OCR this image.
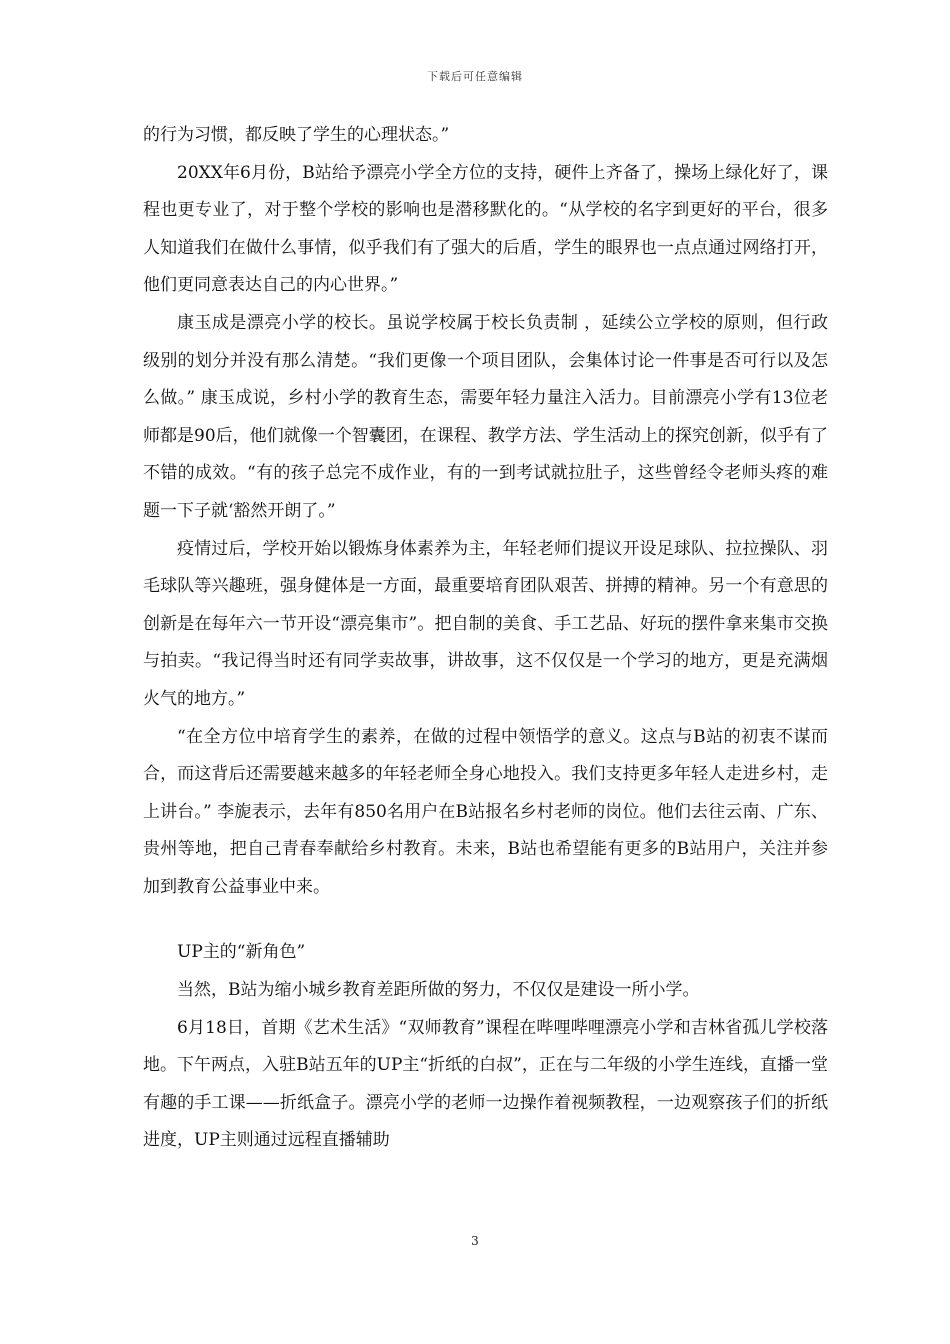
下载后可任意编辑

的行为习惯，都反映了学生的心理状态。”

20XX年6月份，B站给予漂亮小学全方位的支持，硬件上齐备了，操场上绿化好了，课程也更专业了，对于整个学校的影响也是潜移默化的。“从学校的名字到更好的平台，很多人知道我们在做什么事情，似乎我们有了强大的后盾，学生的眼界也一点点通过网络打开，他们更同意表达自己的内心世界。”

康玉成是漂亮小学的校长。虽说学校属于校长负责制 ，延续公立学校的原则，但行政级别的划分并没有那么清楚。“我们更像一个项目团队，会集体讨论一件事是否可行以及怎么做。” 康玉成说，乡村小学的教育生态，需要年轻力量注入活力。目前漂亮小学有13位老师都是90后，他们就像一个智囊团，在课程、教学方法、学生活动上的探究创新，似乎有了不错的成效。“有的孩子总完不成作业，有的一到考试就拉肚子，这些曾经令老师头疼的难题一下子就‘豁然开朗了。”

疫情过后，学校开始以锻炼身体素养为主，年轻老师们提议开设足球队、拉拉操队、羽毛球队等兴趣班，强身健体是一方面，最重要培育团队艰苦、拼搏的精神。另一个有意思的创新是在每年六一节开设“漂亮集市”。把自制的美食、手工艺品、好玩的摆件拿来集市交换与拍卖。“我记得当时还有同学卖故事，讲故事，这不仅仅是一个学习的地方，更是充满烟火气的地方。”

“在全方位中培育学生的素养，在做的过程中领悟学的意义。这点与B站的初衷不谋而合，而这背后还需要越来越多的年轻老师全身心地投入。我们支持更多年轻人走进乡村，走上讲台。” 李旎表示，去年有850名用户在B站报名乡村老师的岗位。他们去往云南、广东、贵州等地，把自己青春奉献给乡村教育。未来，B站也希望能有更多的B站用户，关注并参加到教育公益事业中来。

UP主的“新角色”

当然，B站为缩小城乡教育差距所做的努力，不仅仅是建设一所小学。

6月18日，首期《艺术生活》“双师教育”课程在哔哩哔哩漂亮小学和吉林省孤儿学校落地。下午两点，入驻B站五年的UP主“折纸的白叔”，正在与二年级的小学生连线，直播一堂有趣的手工课——折纸盒子。漂亮小学的老师一边操作着视频教程，一边观察孩子们的折纸进度，UP主则通过远程直播辅助

3
